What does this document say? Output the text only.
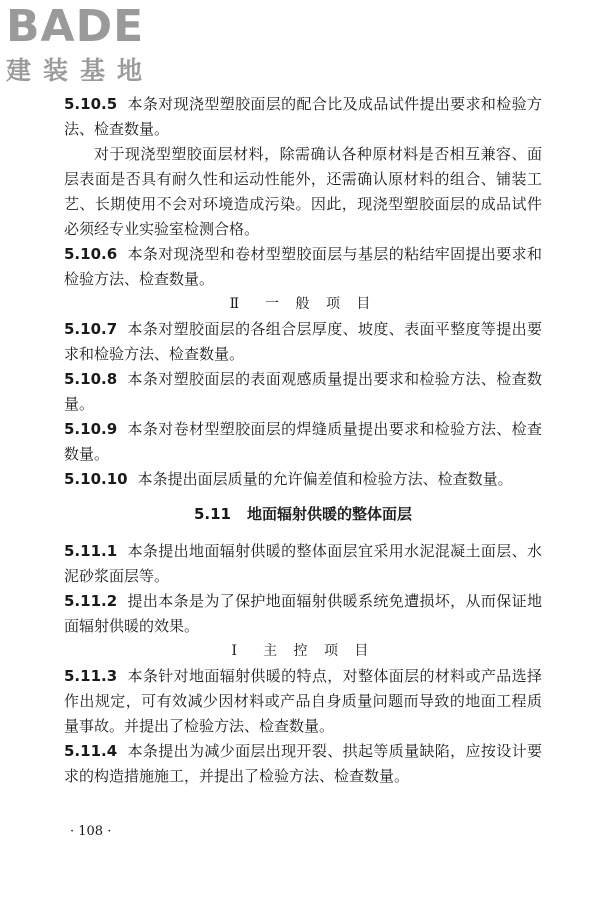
BADE
建装基地

5.10.5 本条对现浇型塑胶面层的配合比及成品试件提出要求和检验方法、检查数量。

对于现浇型塑胶面层材料，除需确认各种原材料是否相互兼容、面层表面是否具有耐久性和运动性能外，还需确认原材料的组合、铺装工艺、长期使用不会对环境造成污染。因此，现浇型塑胶面层的成品试件必须经专业实验室检测合格。

5.10.6 本条对现浇型和卷材型塑胶面层与基层的粘结牢固提出要求和检验方法、检查数量。

Ⅱ　一 般 项 目

5.10.7 本条对塑胶面层的各组合层厚度、坡度、表面平整度等提出要求和检验方法、检查数量。

5.10.8 本条对塑胶面层的表面观感质量提出要求和检验方法、检查数量。

5.10.9 本条对卷材型塑胶面层的焊缝质量提出要求和检验方法、检查数量。

5.10.10 本条提出面层质量的允许偏差值和检验方法、检查数量。

5.11 地面辐射供暖的整体面层

5.11.1 本条提出地面辐射供暖的整体面层宜采用水泥混凝土面层、水泥砂浆面层等。

5.11.2 提出本条是为了保护地面辐射供暖系统免遭损坏，从而保证地面辐射供暖的效果。

Ⅰ　主 控 项 目

5.11.3 本条针对地面辐射供暖的特点，对整体面层的材料或产品选择作出规定，可有效减少因材料或产品自身质量问题而导致的地面工程质量事故。并提出了检验方法、检查数量。

5.11.4 本条提出为减少面层出现开裂、拱起等质量缺陷，应按设计要求的构造措施施工，并提出了检验方法、检查数量。

· 108 ·
